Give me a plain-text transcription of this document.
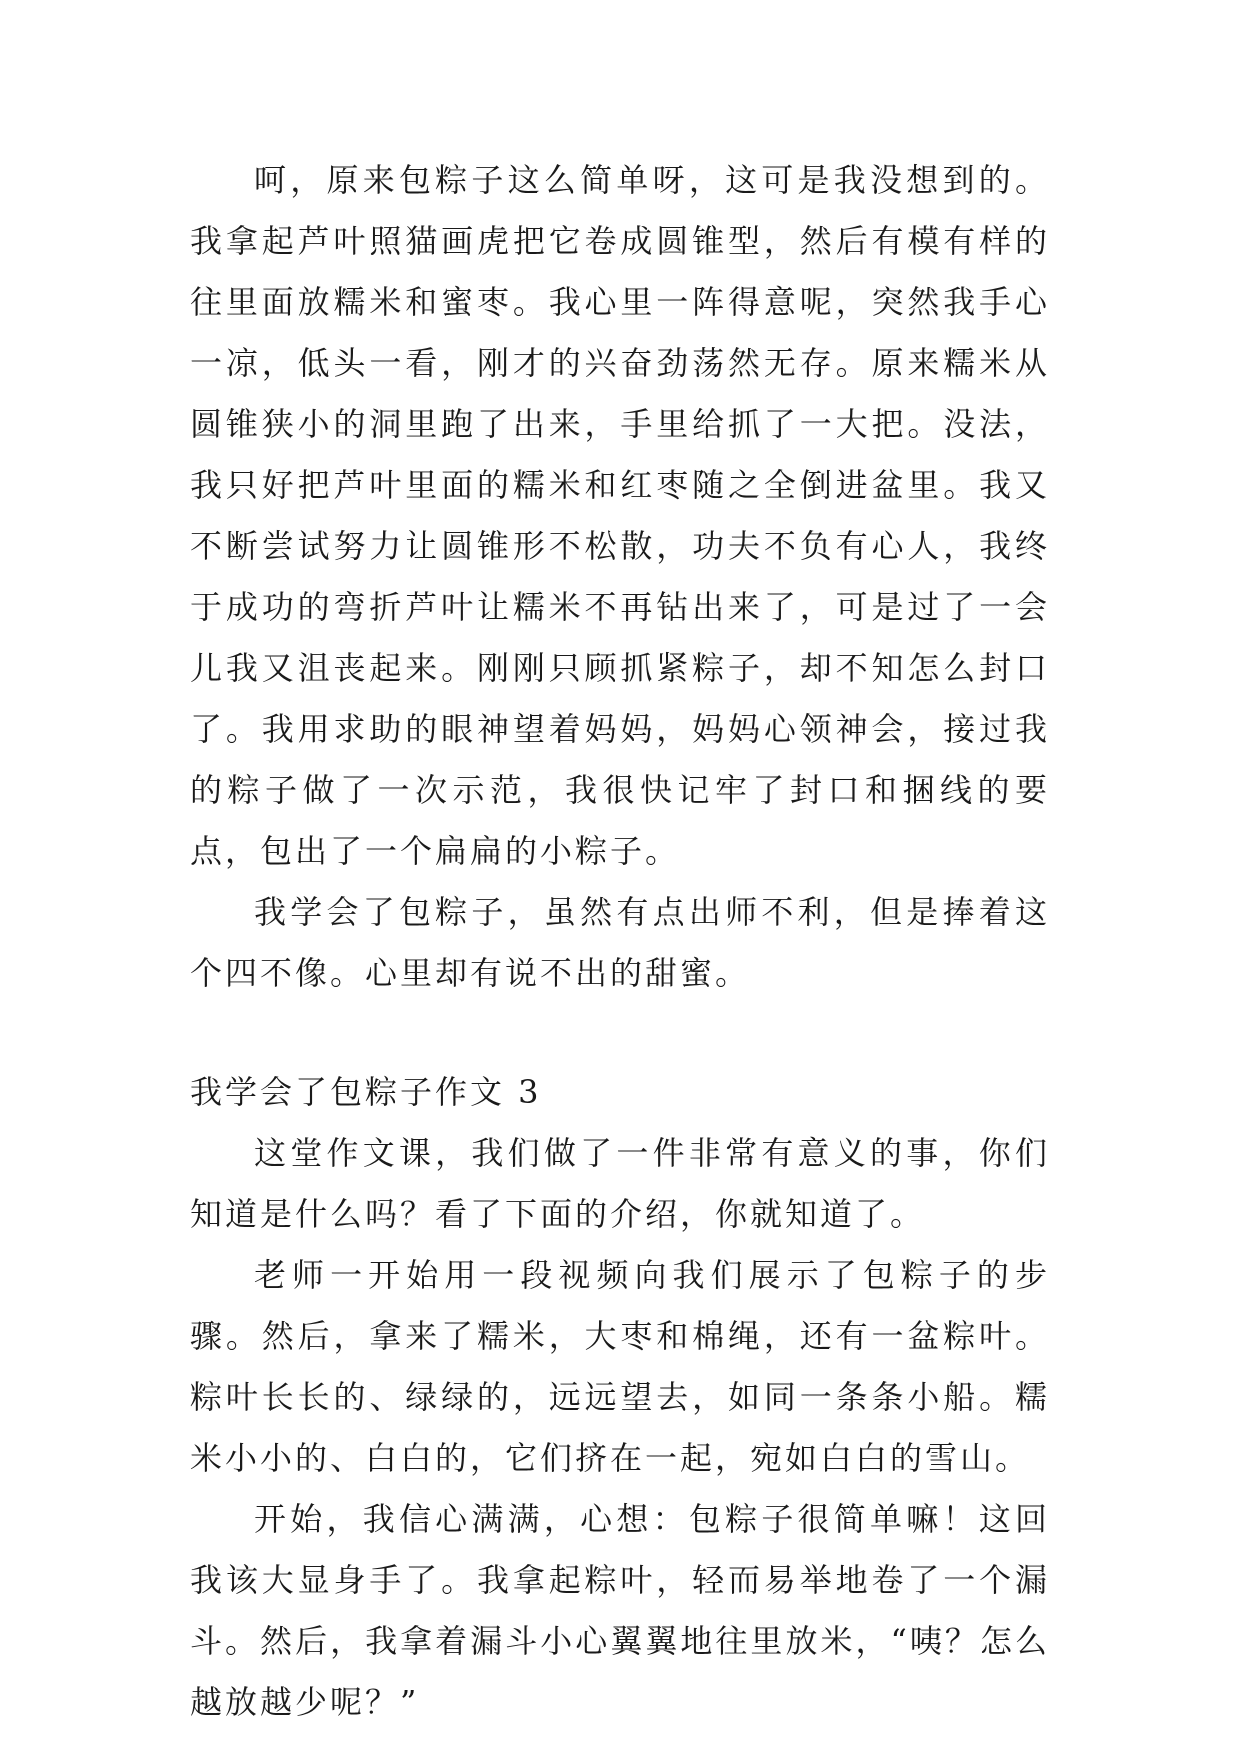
呵，原来包粽子这么简单呀，这可是我没想到的。我拿起芦叶照猫画虎把它卷成圆锥型，然后有模有样的往里面放糯米和蜜枣。我心里一阵得意呢，突然我手心一凉，低头一看，刚才的兴奋劲荡然无存。原来糯米从圆锥狭小的洞里跑了出来，手里给抓了一大把。没法，我只好把芦叶里面的糯米和红枣随之全倒进盆里。我又不断尝试努力让圆锥形不松散，功夫不负有心人，我终于成功的弯折芦叶让糯米不再钻出来了，可是过了一会儿我又沮丧起来。刚刚只顾抓紧粽子，却不知怎么封口了。我用求助的眼神望着妈妈，妈妈心领神会，接过我的粽子做了一次示范，我很快记牢了封口和捆线的要点，包出了一个扁扁的小粽子。

我学会了包粽子，虽然有点出师不利，但是捧着这个四不像。心里却有说不出的甜蜜。

我学会了包粽子作文 3

这堂作文课，我们做了一件非常有意义的事，你们知道是什么吗？看了下面的介绍，你就知道了。

老师一开始用一段视频向我们展示了包粽子的步骤。然后，拿来了糯米，大枣和棉绳，还有一盆粽叶。粽叶长长的、绿绿的，远远望去，如同一条条小船。糯米小小的、白白的，它们挤在一起，宛如白白的雪山。

开始，我信心满满，心想：包粽子很简单嘛！这回我该大显身手了。我拿起粽叶，轻而易举地卷了一个漏斗。然后，我拿着漏斗小心翼翼地往里放米，“咦？怎么越放越少呢？”
